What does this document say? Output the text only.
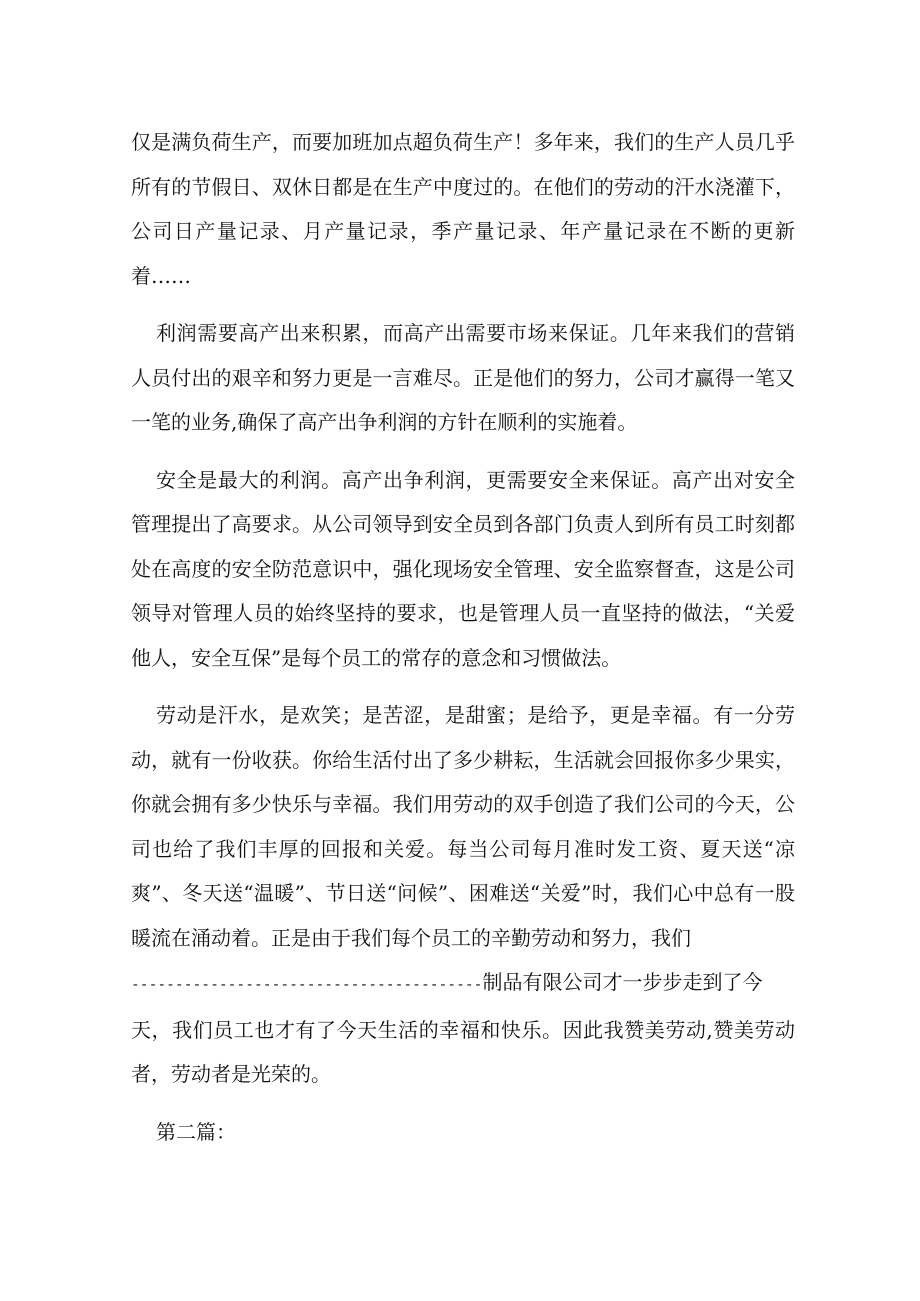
仅是满负荷生产，而要加班加点超负荷生产！多年来，我们的生产人员几乎所有的节假日、双休日都是在生产中度过的。在他们的劳动的汗水浇灌下，公司日产量记录、月产量记录，季产量记录、年产量记录在不断的更新着……

利润需要高产出来积累，而高产出需要市场来保证。几年来我们的营销人员付出的艰辛和努力更是一言难尽。正是他们的努力，公司才赢得一笔又一笔的业务,确保了高产出争利润的方针在顺利的实施着。

安全是最大的利润。高产出争利润，更需要安全来保证。高产出对安全管理提出了高要求。从公司领导到安全员到各部门负责人到所有员工时刻都处在高度的安全防范意识中，强化现场安全管理、安全监察督查，这是公司领导对管理人员的始终坚持的要求，也是管理人员一直坚持的做法，“关爱他人，安全互保”是每个员工的常存的意念和习惯做法。

劳动是汗水，是欢笑；是苦涩，是甜蜜；是给予，更是幸福。有一分劳动，就有一份收获。你给生活付出了多少耕耘，生活就会回报你多少果实，你就会拥有多少快乐与幸福。我们用劳动的双手创造了我们公司的今天，公司也给了我们丰厚的回报和关爱。每当公司每月准时发工资、夏天送“凉爽”、冬天送“温暖”、节日送“问候”、困难送“关爱”时，我们心中总有一股暖流在涌动着。正是由于我们每个员工的辛勤劳动和努力，我们
----------------------------------------制品有限公司才一步步走到了今
天，我们员工也才有了今天生活的幸福和快乐。因此我赞美劳动,赞美劳动者，劳动者是光荣的。

第二篇：
